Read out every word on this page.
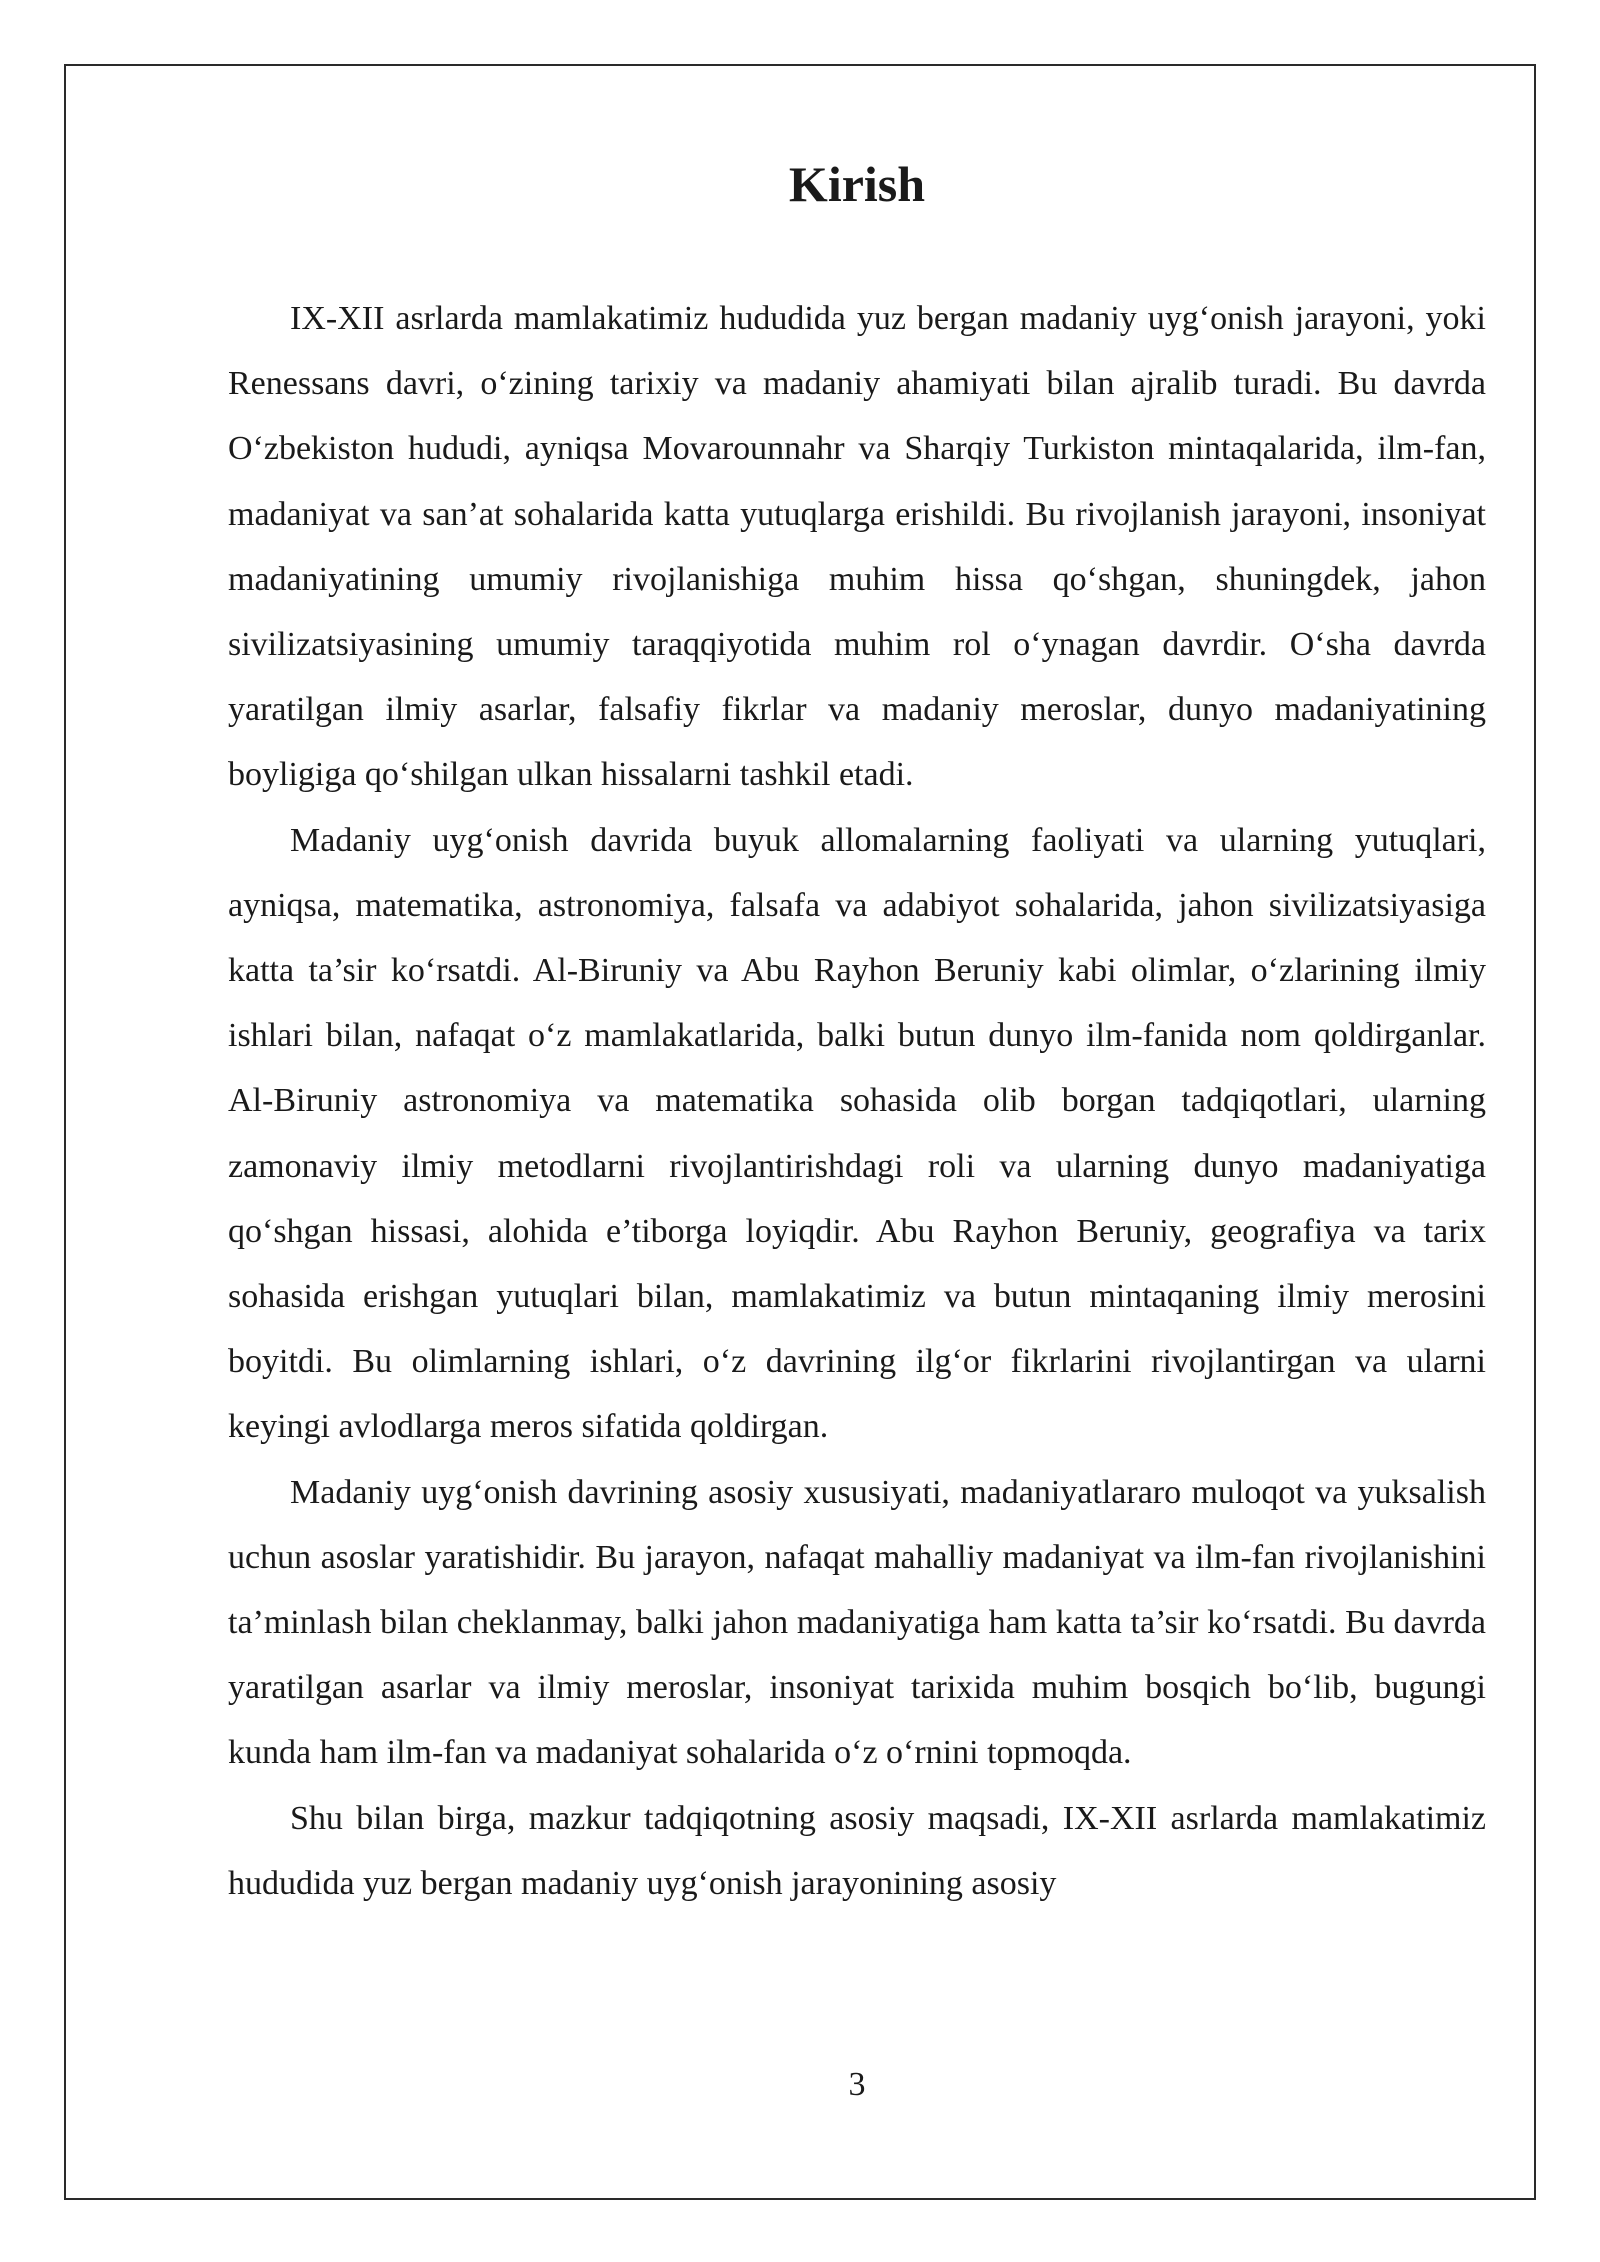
Kirish

IX-XII asrlarda mamlakatimiz hududida yuz bergan madaniy uyg‘onish jarayoni, yoki Renessans davri, o‘zining tarixiy va madaniy ahamiyati bilan ajralib turadi. Bu davrda O‘zbekiston hududi, ayniqsa Movarounnahr va Sharqiy Turkiston mintaqalarida, ilm-fan, madaniyat va san’at sohalarida katta yutuqlarga erishildi. Bu rivojlanish jarayoni, insoniyat madaniyatining umumiy rivojlanishiga muhim hissa qo‘shgan, shuningdek, jahon sivilizatsiyasining umumiy taraqqiyotida muhim rol o‘ynagan davrdir. O‘sha davrda yaratilgan ilmiy asarlar, falsafiy fikrlar va madaniy meroslar, dunyo madaniyatining boyligiga qo‘shilgan ulkan hissalarni tashkil etadi.

Madaniy uyg‘onish davrida buyuk allomalarning faoliyati va ularning yutuqlari, ayniqsa, matematika, astronomiya, falsafa va adabiyot sohalarida, jahon sivilizatsiyasiga katta ta’sir ko‘rsatdi. Al-Biruniy va Abu Rayhon Beruniy kabi olimlar, o‘zlarining ilmiy ishlari bilan, nafaqat o‘z mamlakatlarida, balki butun dunyo ilm-fanida nom qoldirganlar. Al-Biruniy astronomiya va matematika sohasida olib borgan tadqiqotlari, ularning zamonaviy ilmiy metodlarni rivojlantirishdagi roli va ularning dunyo madaniyatiga qo‘shgan hissasi, alohida e’tiborga loyiqdir. Abu Rayhon Beruniy, geografiya va tarix sohasida erishgan yutuqlari bilan, mamlakatimiz va butun mintaqaning ilmiy merosini boyitdi. Bu olimlarning ishlari, o‘z davrining ilg‘or fikrlarini rivojlantirgan va ularni keyingi avlodlarga meros sifatida qoldirgan.

Madaniy uyg‘onish davrining asosiy xususiyati, madaniyatlararo muloqot va yuksalish uchun asoslar yaratishidir. Bu jarayon, nafaqat mahalliy madaniyat va ilm-fan rivojlanishini ta’minlash bilan cheklanmay, balki jahon madaniyatiga ham katta ta’sir ko‘rsatdi. Bu davrda yaratilgan asarlar va ilmiy meroslar, insoniyat tarixida muhim bosqich bo‘lib, bugungi kunda ham ilm-fan va madaniyat sohalarida o‘z o‘rnini topmoqda.

Shu bilan birga, mazkur tadqiqotning asosiy maqsadi, IX-XII asrlarda mamlakatimiz hududida yuz bergan madaniy uyg‘onish jarayonining asosiy

3
